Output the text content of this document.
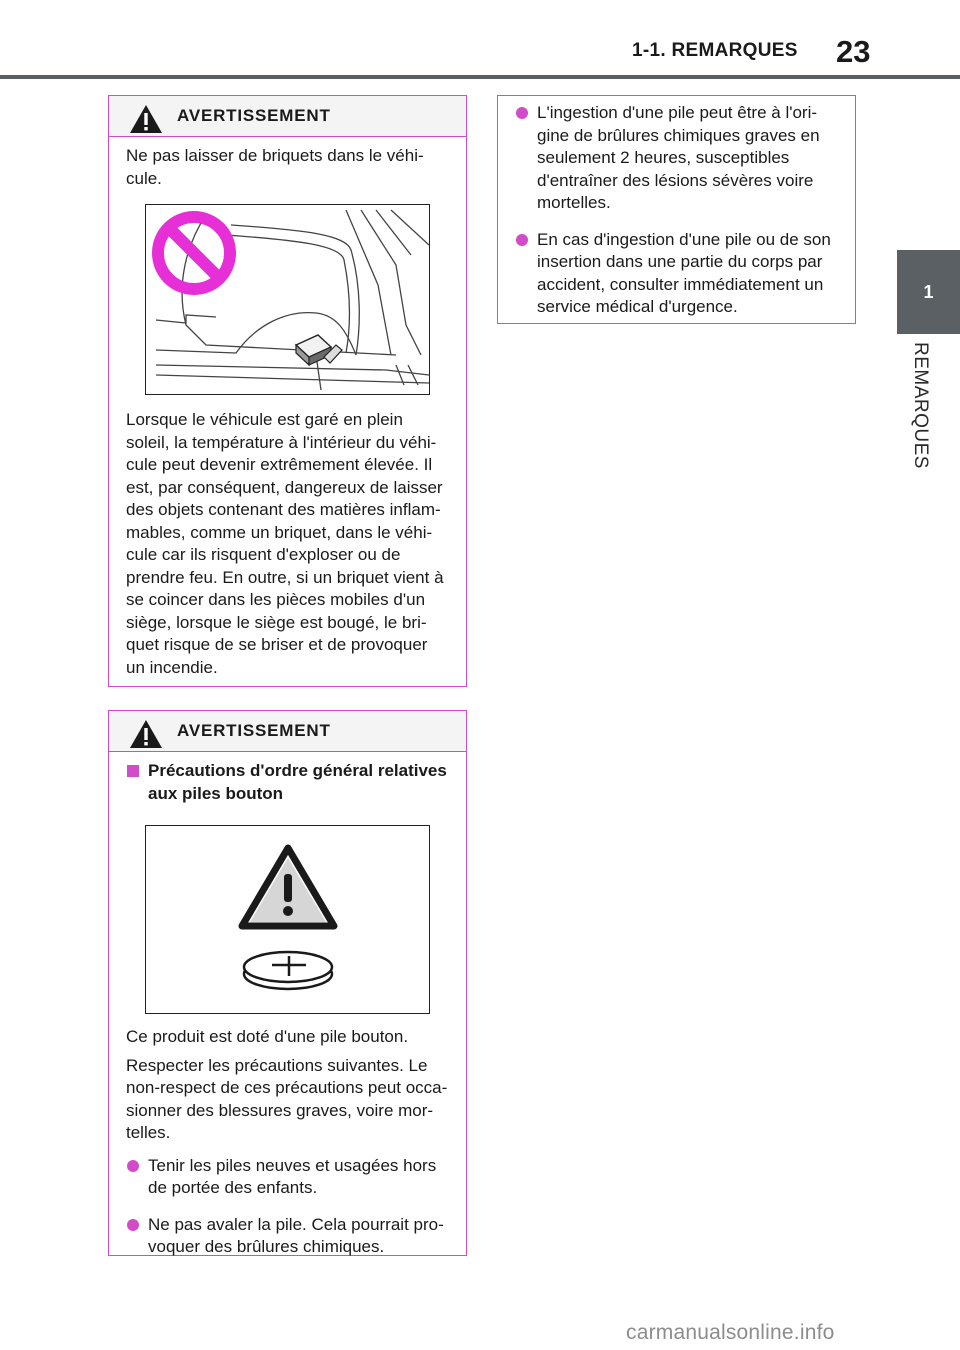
1-1. REMARQUES 23
1
REMARQUES
AVERTISSEMENT

Ne pas laisser de briquets dans le véhi-cule.

Lorsque le véhicule est garé en plein soleil, la température à l'intérieur du véhi-cule peut devenir extrêmement élevée. Il est, par conséquent, dangereux de laisser des objets contenant des matières inflam-mables, comme un briquet, dans le véhi-cule car ils risquent d'exploser ou de prendre feu. En outre, si un briquet vient à se coincer dans les pièces mobiles d'un siège, lorsque le siège est bougé, le bri-quet risque de se briser et de provoquer un incendie.

AVERTISSEMENT
Précautions d'ordre général relatives aux piles bouton

Ce produit est doté d'une pile bouton.

Respecter les précautions suivantes. Le non-respect de ces précautions peut occa-sionner des blessures graves, voire mor-telles.

Tenir les piles neuves et usagées hors de portée des enfants.
Ne pas avaler la pile. Cela pourrait pro-voquer des brûlures chimiques.
L'ingestion d'une pile peut être à l'ori-gine de brûlures chimiques graves en seulement 2 heures, susceptibles d'entraîner des lésions sévères voire mortelles.
En cas d'ingestion d'une pile ou de son insertion dans une partie du corps par accident, consulter immédiatement un service médical d'urgence.
carmanualsonline.info
